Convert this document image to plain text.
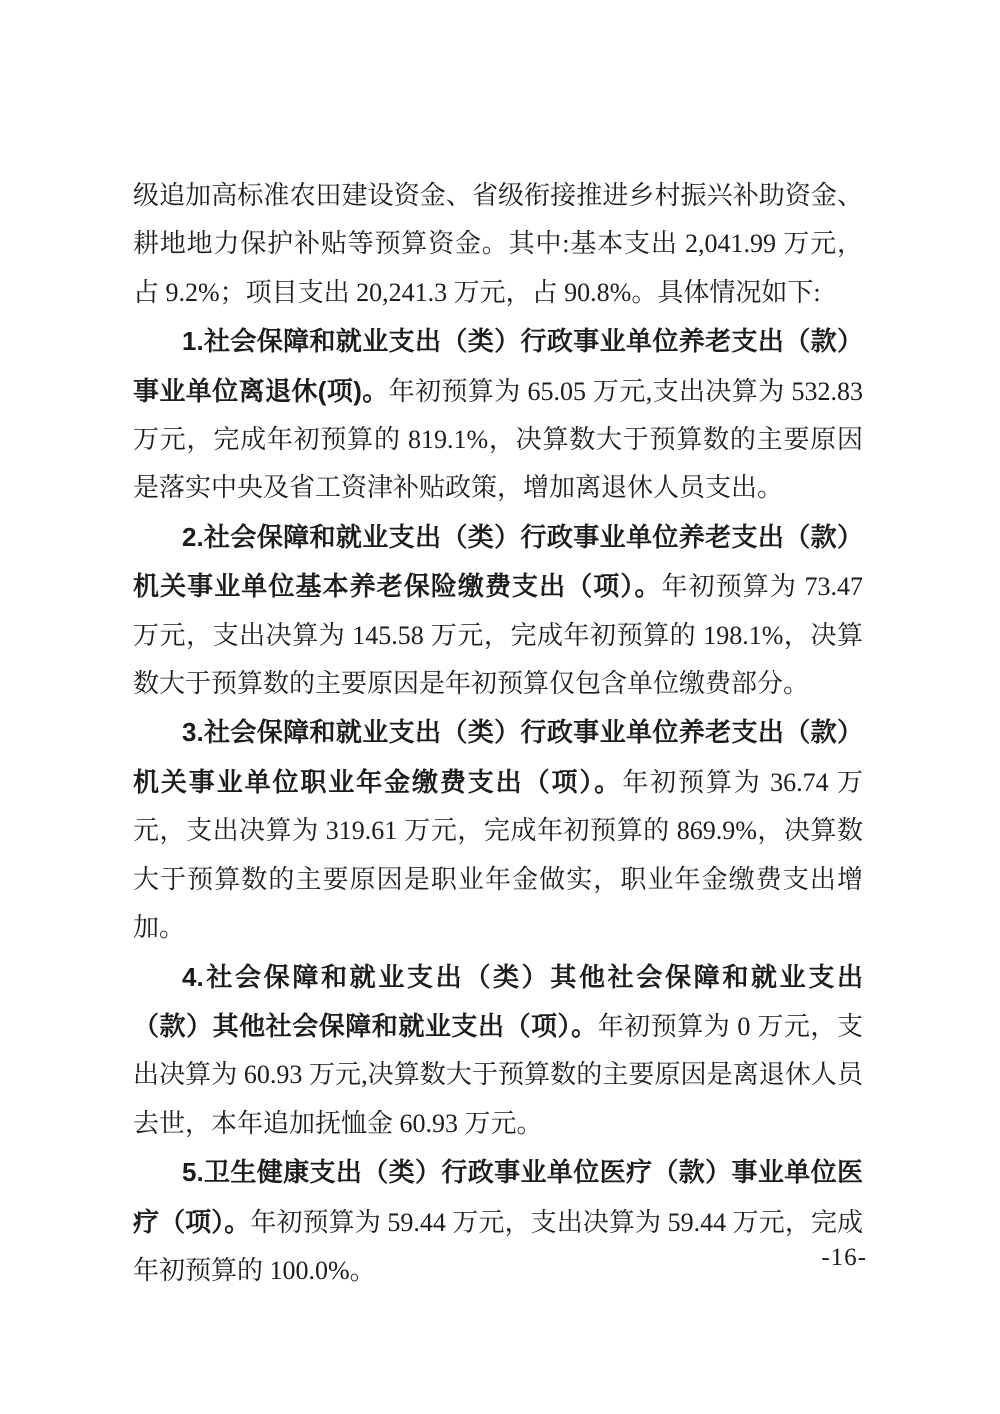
级追加高标准农田建设资金、省级衔接推进乡村振兴补助资金、耕地地力保护补贴等预算资金。其中:基本支出 2,041.99 万元，占 9.2%；项目支出 20,241.3 万元，占 90.8%。具体情况如下:

1.社会保障和就业支出（类）行政事业单位养老支出（款）事业单位离退休(项)。年初预算为 65.05 万元,支出决算为 532.83 万元，完成年初预算的 819.1%，决算数大于预算数的主要原因是落实中央及省工资津补贴政策，增加离退休人员支出。

2.社会保障和就业支出（类）行政事业单位养老支出（款）机关事业单位基本养老保险缴费支出（项）。年初预算为 73.47 万元，支出决算为 145.58 万元，完成年初预算的 198.1%，决算数大于预算数的主要原因是年初预算仅包含单位缴费部分。

3.社会保障和就业支出（类）行政事业单位养老支出（款）机关事业单位职业年金缴费支出（项）。年初预算为 36.74 万元，支出决算为 319.61 万元，完成年初预算的 869.9%，决算数大于预算数的主要原因是职业年金做实，职业年金缴费支出增加。

4.社会保障和就业支出（类）其他社会保障和就业支出（款）其他社会保障和就业支出（项）。年初预算为 0 万元，支出决算为 60.93 万元,决算数大于预算数的主要原因是离退休人员去世，本年追加抚恤金 60.93 万元。

5.卫生健康支出（类）行政事业单位医疗（款）事业单位医疗（项）。年初预算为 59.44 万元，支出决算为 59.44 万元，完成年初预算的 100.0%。	-16-
